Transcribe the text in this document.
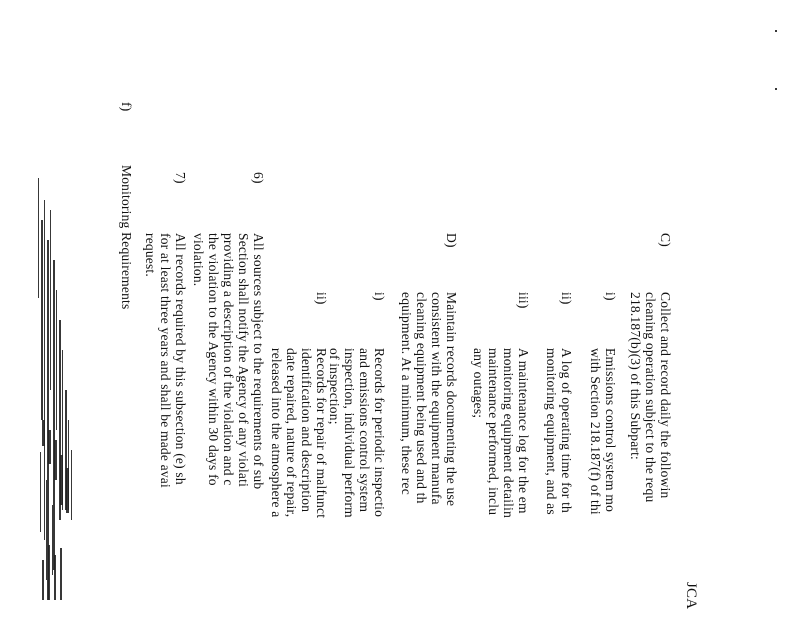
JCA
C)
Collect and record daily the followin
cleaning operation subject to the requ
218.187(b)(3) of this Subpart:
i)
Emissions control system mo
with Section 218.187(f) of thi
ii)
A log of operating time for th
monitoring equipment, and as
iii)
A maintenance log for the em
monitoring equipment detailin
maintenance performed, inclu
any outages;
D)
Maintain records documenting the use
consistent with the equipment manufa
cleaning equipment being used and th
equipment. At a minimum, these rec
i)
Records for periodic inspectio
and emissions control system
inspection, individual perform
of inspection;
ii)
Records for repair of malfunct
identification and description
date repaired, nature of repair,
released into the atmosphere a
6)
All sources subject to the requirements of sub
Section shall notify the Agency of any violati
providing a description of the violation and c
the violation to the Agency within 30 days fo
violation.
7)
All records required by this subsection (e) sh
for at least three years and shall be made avai
request.
f)
Monitoring Requirements
